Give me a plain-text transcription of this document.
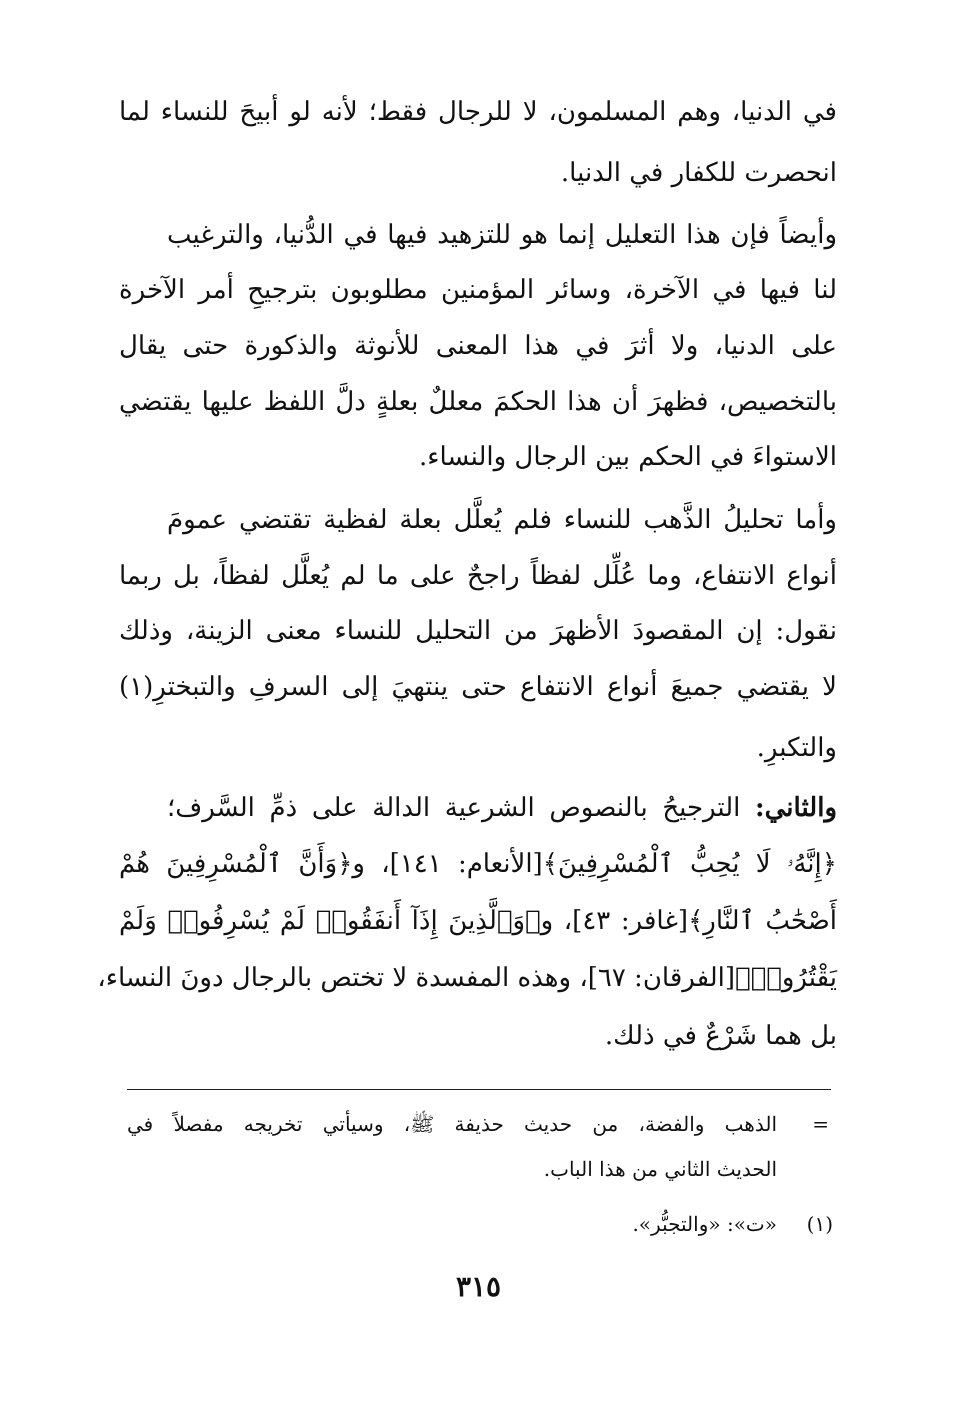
في الدنيا، وهم المسلمون، لا للرجال فقط؛ لأنه لو أبيحَ للنساء لما
انحصرت للكفار في الدنيا.
وأيضاً فإن هذا التعليل إنما هو للتزهيد فيها في الدُّنيا، والترغيب
لنا فيها في الآخرة، وسائر المؤمنين مطلوبون بترجيحِ أمر الآخرة
على الدنيا، ولا أثرَ في هذا المعنى للأنوثة والذكورة حتى يقال
بالتخصيص، فظهرَ أن هذا الحكمَ معللٌ بعلةٍ دلَّ اللفظ عليها يقتضي
الاستواءَ في الحكم بين الرجال والنساء.
وأما تحليلُ الذَّهب للنساء فلم يُعلَّل بعلة لفظية تقتضي عمومَ
أنواع الانتفاع، وما عُلِّل لفظاً راجحٌ على ما لم يُعلَّل لفظاً، بل ربما
نقول: إن المقصودَ الأظهرَ من التحليل للنساء معنى الزينة، وذلك
لا يقتضي جميعَ أنواع الانتفاع حتى ينتهيَ إلى السرفِ والتبخترِ(١)
والتكبرِ.
والثاني: الترجيحُ بالنصوص الشرعية الدالة على ذمِّ السَّرف؛
﴿إِنَّهُۥ لَا يُحِبُّ ٱلْمُسْرِفِينَ﴾[الأنعام: ١٤١]، و﴿وَأَنَّ ٱلْمُسْرِفِينَ هُمْ
أَصْحَٰبُ ٱلنَّارِ﴾[غافر: ٤٣]، و﴿وَٱلَّذِينَ إِذَآ أَنفَقُوا۟ لَمْ يُسْرِفُوا۟ وَلَمْ
يَقْتُرُوا۟﴾[الفرقان: ٦٧]، وهذه المفسدة لا تختص بالرجال دونَ النساء،
بل هما شَرْعٌ في ذلك.
=
الذهب والفضة، من حديث حذيفة ﷺ، وسيأتي تخريجه مفصلاً في
الحديث الثاني من هذا الباب.
(١)
«ت»: «والتجبُّر».
٣١٥
